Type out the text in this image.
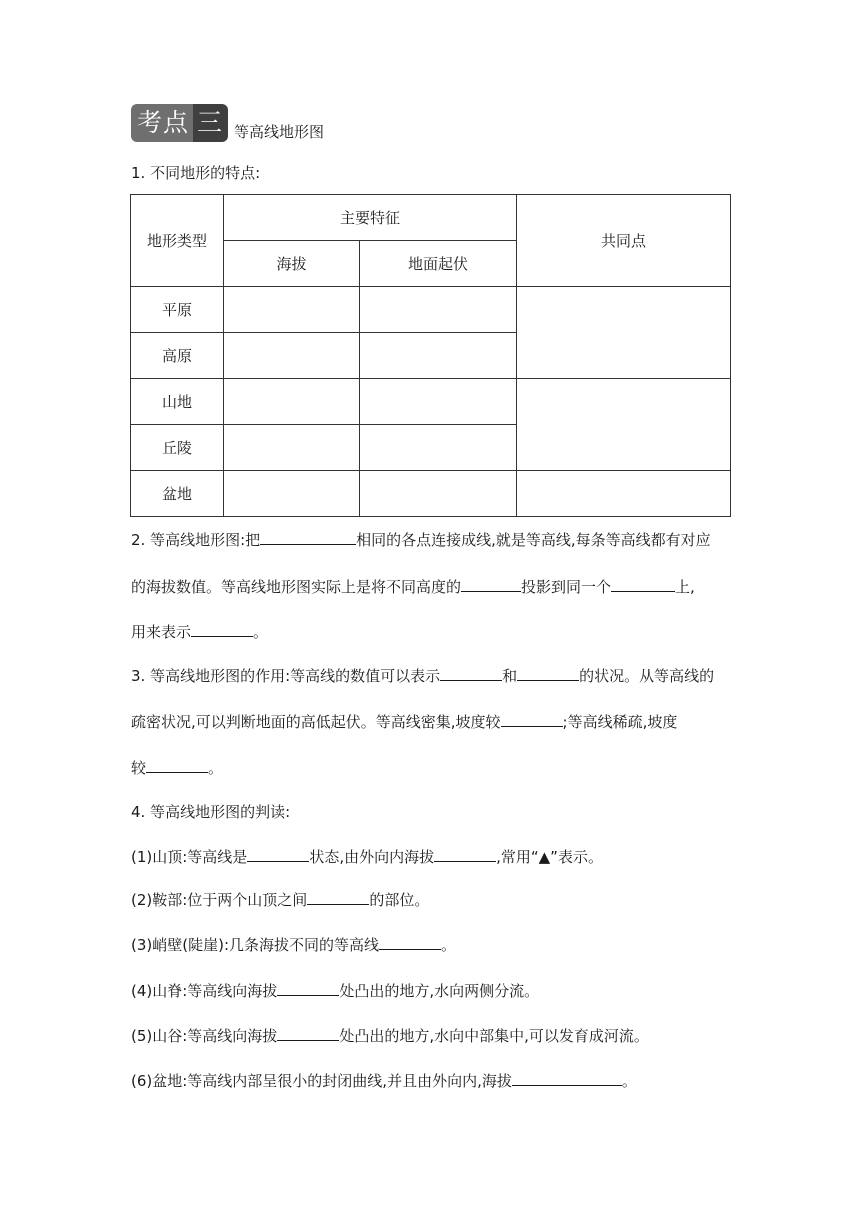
考点 三 等高线地形图
1. 不同地形的特点:
地形类型	主要特征		共同点
	海拔	地面起伏	
平原			
高原			
山地			
丘陵			
盆地			
2. 等高线地形图:把	相同的各点连接成线,就是等高线,每条等高线都有对应
的海拔数值。等高线地形图实际上是将不同高度的	投影到同一个	上,
用来表示	。
3. 等高线地形图的作用:等高线的数值可以表示	和	的状况。从等高线的
疏密状况,可以判断地面的高低起伏。等高线密集,坡度较	;等高线稀疏,坡度
较	。
4. 等高线地形图的判读:
(1)山顶:等高线是	状态,由外向内海拔	,常用“▲”表示。
(2)鞍部:位于两个山顶之间	的部位。
(3)峭壁(陡崖):几条海拔不同的等高线	。
(4)山脊:等高线向海拔	处凸出的地方,水向两侧分流。
(5)山谷:等高线向海拔	处凸出的地方,水向中部集中,可以发育成河流。
(6)盆地:等高线内部呈很小的封闭曲线,并且由外向内,海拔	。
